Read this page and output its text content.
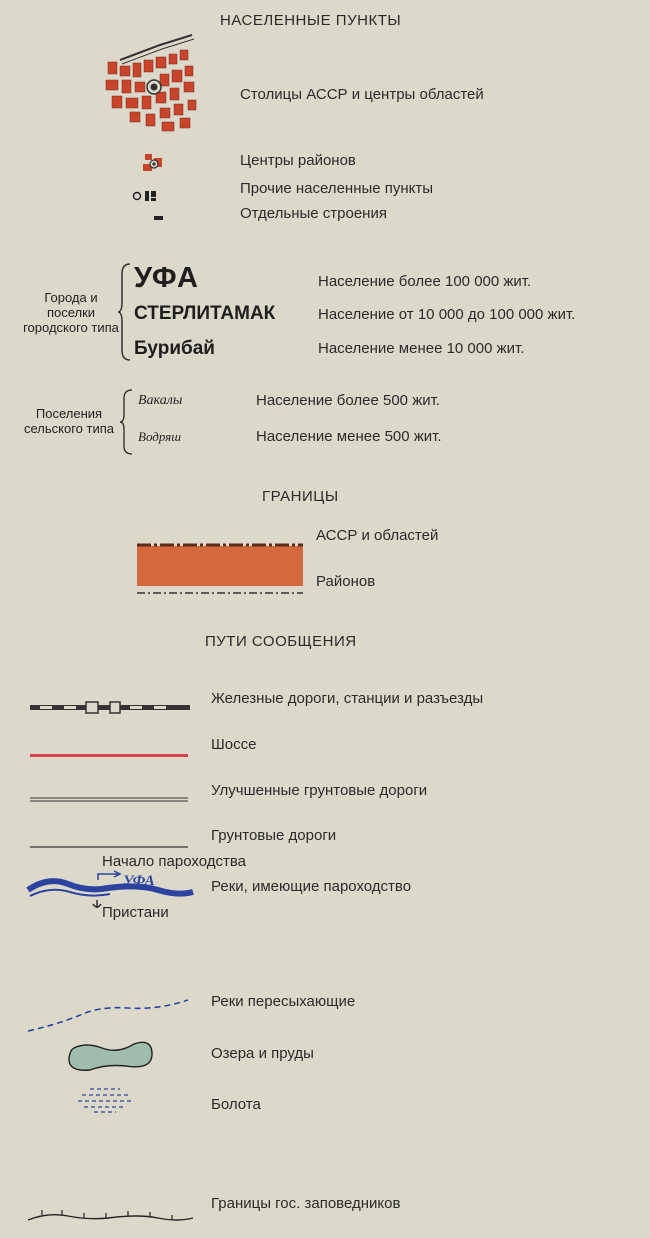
НАСЕЛЕННЫЕ ПУНКТЫ
Столицы АССР и центры областей
Центры районов
Прочие населенные пункты
Отдельные строения
Города и
поселки
городского типа
УФА	Население более 100 000 жит.
СТЕРЛИТАМАК	Население от 10 000 до 100 000 жит.
Бурибай	Население менее 10 000 жит.
Поселения
сельского типа
Вакалы	Население более 500 жит.
Водряш	Население менее 500 жит.
ГРАНИЦЫ
АССР и областей
Районов
ПУТИ СООБЩЕНИЯ
Железные дороги, станции и разъезды
Шоссе
Улучшенные грунтовые дороги
Грунтовые дороги
Начало пароходства
УФА	Реки, имеющие пароходство
Пристани
Реки пересыхающие
Озера и пруды
Болота
Границы гос. заповедников
